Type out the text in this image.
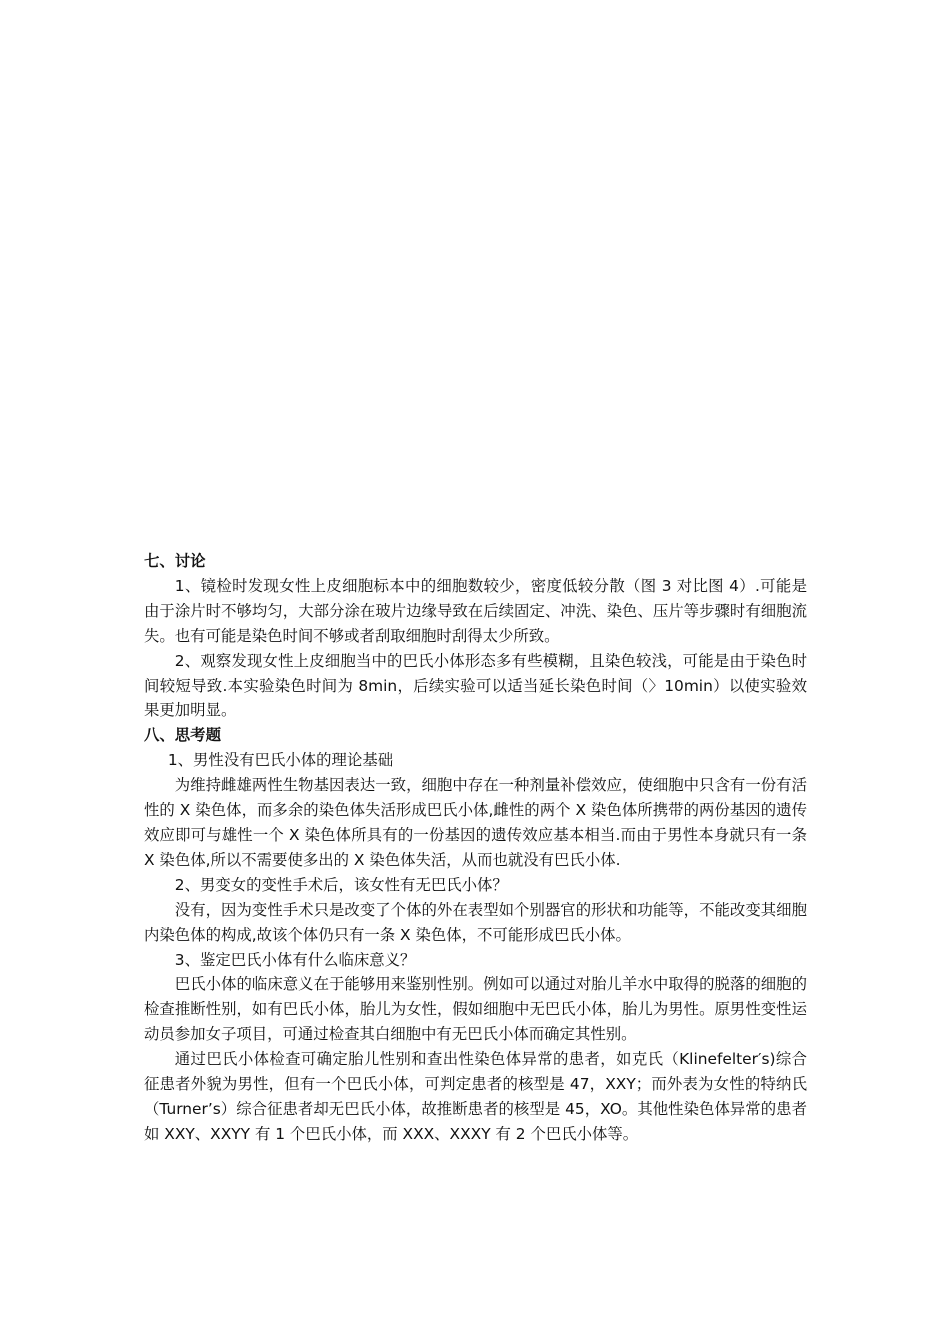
七、讨论

1、镜检时发现女性上皮细胞标本中的细胞数较少，密度低较分散（图 3 对比图 4）.可能是由于涂片时不够均匀，大部分涂在玻片边缘导致在后续固定、冲洗、染色、压片等步骤时有细胞流失。也有可能是染色时间不够或者刮取细胞时刮得太少所致。

2、观察发现女性上皮细胞当中的巴氏小体形态多有些模糊，且染色较浅，可能是由于染色时间较短导致.本实验染色时间为 8min，后续实验可以适当延长染色时间（〉10min）以使实验效果更加明显。

八、思考题

1、男性没有巴氏小体的理论基础

为维持雌雄两性生物基因表达一致，细胞中存在一种剂量补偿效应，使细胞中只含有一份有活性的 X 染色体，而多余的染色体失活形成巴氏小体,雌性的两个 X 染色体所携带的两份基因的遗传效应即可与雄性一个 X 染色体所具有的一份基因的遗传效应基本相当.而由于男性本身就只有一条 X 染色体,所以不需要使多出的 X 染色体失活，从而也就没有巴氏小体.

2、男变女的变性手术后，该女性有无巴氏小体？

没有，因为变性手术只是改变了个体的外在表型如个别器官的形状和功能等，不能改变其细胞内染色体的构成,故该个体仍只有一条 X 染色体，不可能形成巴氏小体。

3、鉴定巴氏小体有什么临床意义？

巴氏小体的临床意义在于能够用来鉴别性别。例如可以通过对胎儿羊水中取得的脱落的细胞的检查推断性别，如有巴氏小体，胎儿为女性，假如细胞中无巴氏小体，胎儿为男性。原男性变性运动员参加女子项目，可通过检查其白细胞中有无巴氏小体而确定其性别。

通过巴氏小体检查可确定胎儿性别和查出性染色体异常的患者，如克氏（Klinefelter′s)综合征患者外貌为男性，但有一个巴氏小体，可判定患者的核型是 47，XXY；而外表为女性的特纳氏（Turner’s）综合征患者却无巴氏小体，故推断患者的核型是 45，XO。其他性染色体异常的患者如 XXY、XXYY 有 1 个巴氏小体，而 XXX、XXXY 有 2 个巴氏小体等。
